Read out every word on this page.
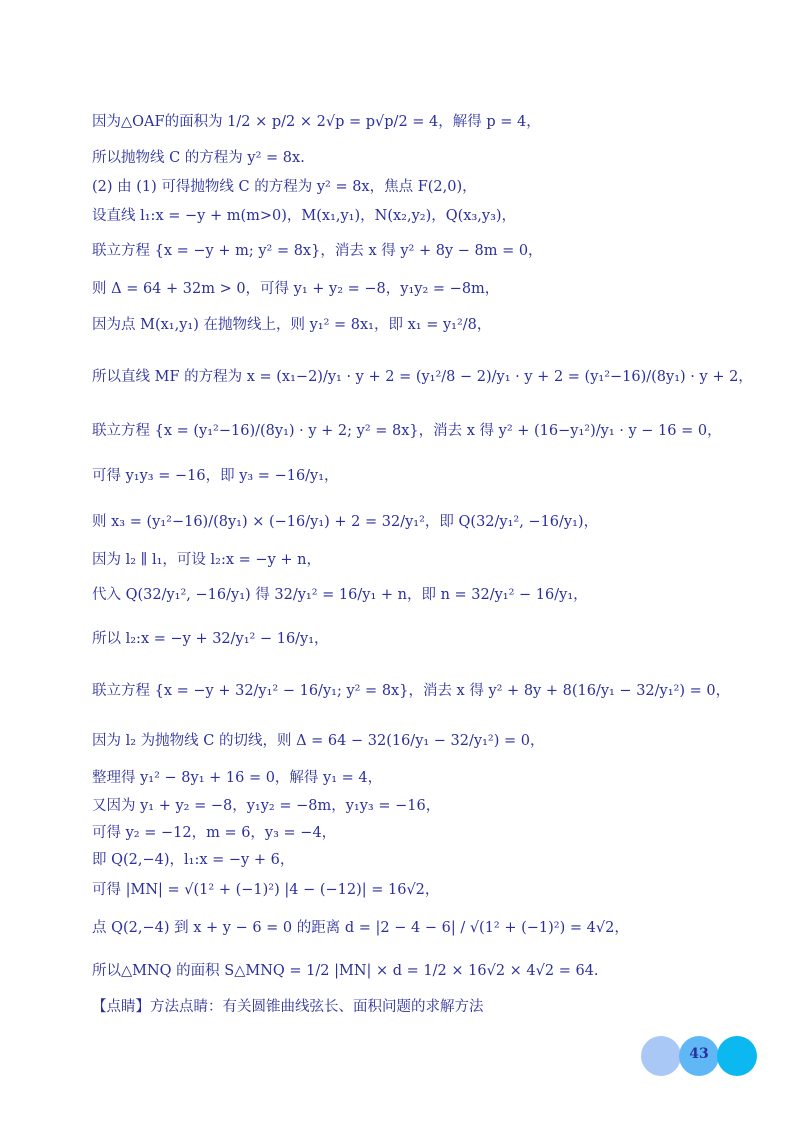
因为△OAF的面积为 1/2 × p/2 × 2√p = p√p/2 = 4，解得 p = 4，
所以抛物线 C 的方程为 y² = 8x.
(2) 由 (1) 可得抛物线 C 的方程为 y² = 8x，焦点 F(2,0)，
设直线 l₁:x = −y + m(m>0)，M(x₁,y₁)，N(x₂,y₂)，Q(x₃,y₃)，
联立方程 {x = −y + m; y² = 8x}，消去 x 得 y² + 8y − 8m = 0，
则 Δ = 64 + 32m > 0，可得 y₁ + y₂ = −8，y₁y₂ = −8m，
因为点 M(x₁,y₁) 在抛物线上，则 y₁² = 8x₁，即 x₁ = y₁²/8，
所以直线 MF 的方程为 x = (x₁−2)/y₁ · y + 2 = (y₁²/8 − 2)/y₁ · y + 2 = (y₁²−16)/(8y₁) · y + 2，
联立方程 {x = (y₁²−16)/(8y₁) · y + 2; y² = 8x}，消去 x 得 y² + (16−y₁²)/y₁ · y − 16 = 0，
可得 y₁y₃ = −16，即 y₃ = −16/y₁，
则 x₃ = (y₁²−16)/(8y₁) × (−16/y₁) + 2 = 32/y₁²，即 Q(32/y₁², −16/y₁)，
因为 l₂ ∥ l₁，可设 l₂:x = −y + n，
代入 Q(32/y₁², −16/y₁) 得 32/y₁² = 16/y₁ + n，即 n = 32/y₁² − 16/y₁，
所以 l₂:x = −y + 32/y₁² − 16/y₁，
联立方程 {x = −y + 32/y₁² − 16/y₁; y² = 8x}，消去 x 得 y² + 8y + 8(16/y₁ − 32/y₁²) = 0，
因为 l₂ 为抛物线 C 的切线，则 Δ = 64 − 32(16/y₁ − 32/y₁²) = 0，
整理得 y₁² − 8y₁ + 16 = 0，解得 y₁ = 4，
又因为 y₁ + y₂ = −8，y₁y₂ = −8m，y₁y₃ = −16，
可得 y₂ = −12，m = 6，y₃ = −4，
即 Q(2,−4)，l₁:x = −y + 6，
可得 |MN| = √(1² + (−1)²) |4 − (−12)| = 16√2，
点 Q(2,−4) 到 x + y − 6 = 0 的距离 d = |2 − 4 − 6| / √(1² + (−1)²) = 4√2，
所以△MNQ 的面积 S△MNQ = 1/2 |MN| × d = 1/2 × 16√2 × 4√2 = 64.
【点睛】方法点睛：有关圆锥曲线弦长、面积问题的求解方法
43
